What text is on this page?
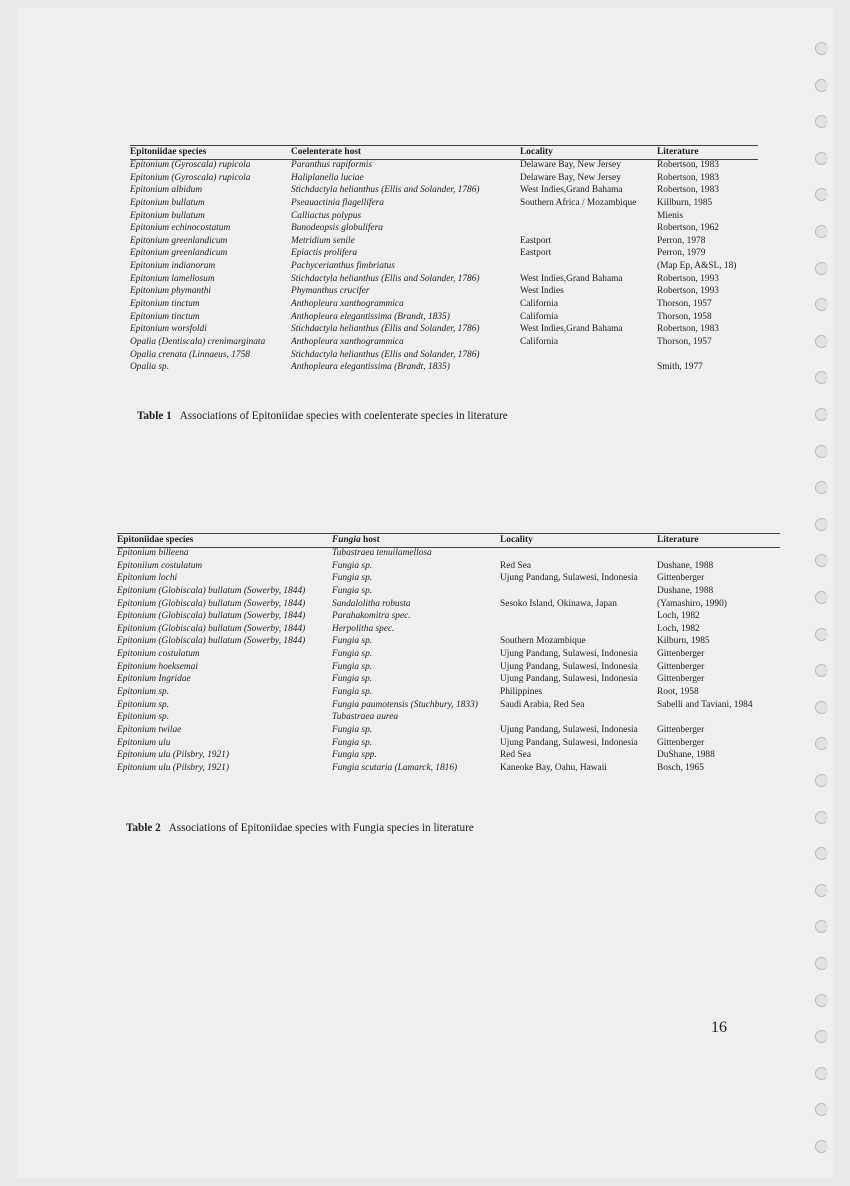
Epitoniidae species	Coelenterate host	Locality	Literature
Epitonium (Gyroscala) rupicola	Paranthus rapiformis	Delaware Bay, New Jersey	Robertson, 1983
Epitonium (Gyroscala) rupicola	Haliplanella luciae	Delaware Bay, New Jersey	Robertson, 1983
Epitonium albidum	Stichdactyla helianthus (Ellis and Solander, 1786)	West Indies,Grand Bahama	Robertson, 1983
Epitonium bullatum	Pseauactinia flagellifera	Southern Africa / Mozambique	Killburn, 1985
Epitonium bullatum	Calliactus polypus		Mienis
Epitonium echinocostatum	Bunodeopsis globulifera		Robertson, 1962
Epitonium greenlandicum	Metridium senile	Eastport	Perron, 1978
Epitonium greenlandicum	Epiactis prolifera	Eastport	Perron, 1979
Epitonium indianorum	Pachycerianthus fimbriatus		(Map Ep, A&SL, 18)
Epitonium lamellosum	Stichdactyla helianthus (Ellis and Solander, 1786)	West Indies,Grand Bahama	Robertson, 1993
Epitonium phymanthi	Phymanthus crucifer	West Indies	Robertson, 1993
Epitonium tinctum	Anthopleura xanthogrammica	California	Thorson, 1957
Epitonium tinctum	Anthopleura elegantissima (Brandt, 1835)	California	Thorson, 1958
Epitonium worsfoldi	Stichdactyla helianthus (Ellis and Solander, 1786)	West Indies,Grand Bahama	Robertson, 1983
Opalia (Dentiscala) crenimarginata	Anthopleura xanthogrammica	California	Thorson, 1957
Opalia crenata (Linnaeus, 1758	Stichdactyla helianthus (Ellis and Solander, 1786)		
Opalia sp.	Anthopleura elegantissima (Brandt, 1835)		Smith, 1977
Table 1 Associations of Epitoniidae species with coelenterate species in literature
Epitoniidae species	Fungia host	Locality	Literature
Epitonium billeena	Tubastraea tenuilamellosa		
Epitoniium costulatum	Fungia sp.	Red Sea	Dushane, 1988
Epitonium lochi	Fungia sp.	Ujung Pandang, Sulawesi, Indonesia	Gittenberger
Epitonium (Globiscala) bullatum (Sowerby, 1844)	Fungia sp.		Dushane, 1988
Epitonium (Globiscala) bullatum (Sowerby, 1844)	Sandalolitha robusta	Sesoko Island, Okinawa, Japan	(Yamashiro, 1990)
Epitonium (Globiscala) bullatum (Sowerby, 1844)	Parahakomitra spec.		Loch, 1982
Epitonium (Globiscala) bullatum (Sowerby, 1844)	Herpolitha spec.		Loch, 1982
Epitonium (Globiscala) bullatum (Sowerby, 1844)	Fungia sp.	Southern Mozambique	Kilburn, 1985
Epitonium costulatum	Fungia sp.	Ujung Pandang, Sulawesi, Indonesia	Gittenberger
Epitonium hoeksemai	Fungia sp.	Ujung Pandang, Sulawesi, Indonesia	Gittenberger
Epitonium Ingridae	Fungia sp.	Ujung Pandang, Sulawesi, Indonesia	Gittenberger
Epitonium sp.	Fungia sp.	Philippines	Root, 1958
Epitonium sp.	Fungia paumotensis (Stuchbury, 1833)	Saudi Arabia, Red Sea	Sabelli and Taviani, 1984
Epitonium sp.	Tubastraea aurea		
Epitonium twilae	Fungia sp.	Ujung Pandang, Sulawesi, Indonesia	Gittenberger
Epitonium ulu	Fungia sp.	Ujung Pandang, Sulawesi, Indonesia	Gittenberger
Epitonium ulu (Pilsbry, 1921)	Fungia spp.	Red Sea	DuShane, 1988
Epitonium ulu (Pilsbry, 1921)	Fungia scutaria (Lamarck, 1816)	Kaneoke Bay, Oahu, Hawaii	Bosch, 1965
Table 2 Associations of Epitoniidae species with Fungia species in literature
16
